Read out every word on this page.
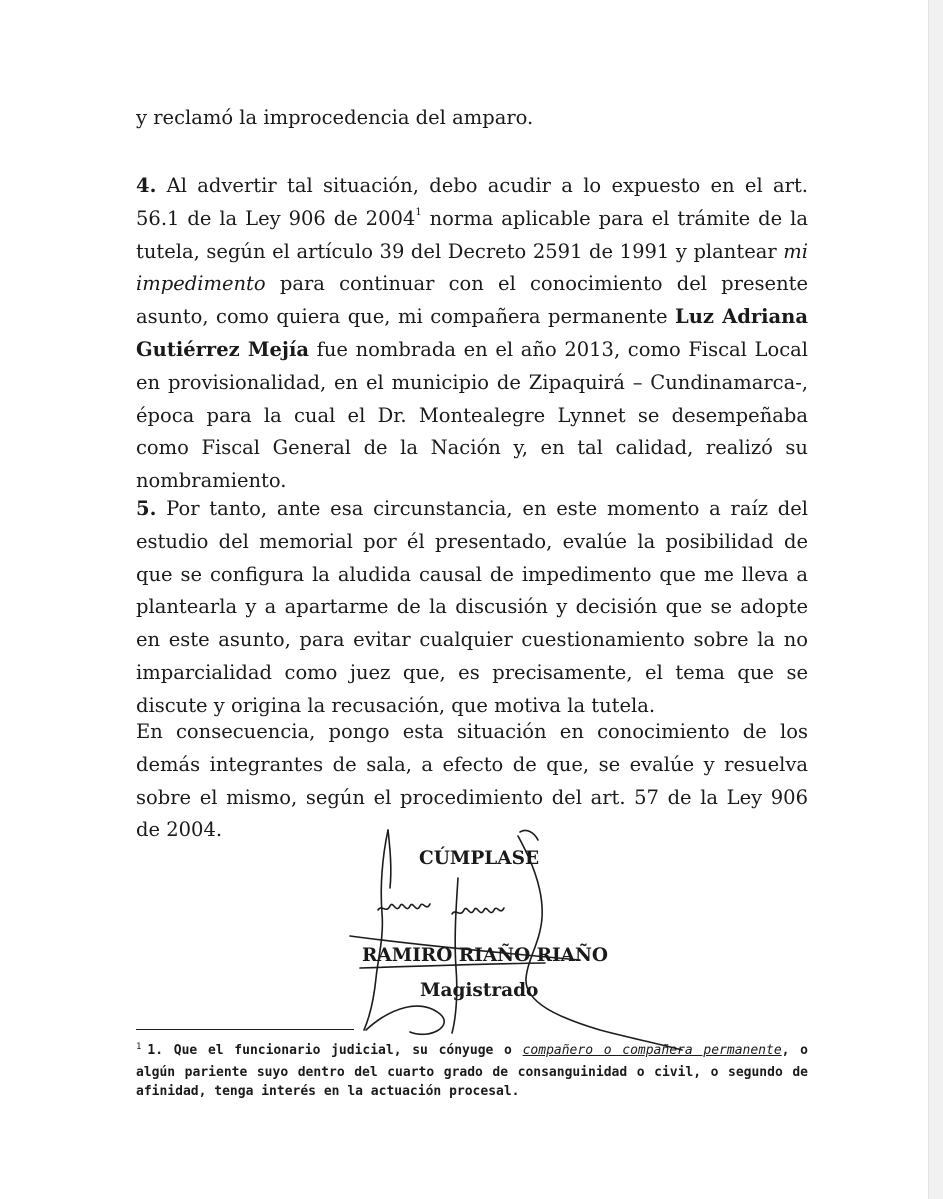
y reclamó la improcedencia del amparo.

4. Al advertir tal situación, debo acudir a lo expuesto en el art. 56.1 de la Ley 906 de 2004$^1$ norma aplicable para el trámite de la tutela, según el artículo 39 del Decreto 2591 de 1991 y plantear mi impedimento para continuar con el conocimiento del presente asunto, como quiera que, mi compañera permanente Luz Adriana Gutiérrez Mejía fue nombrada en el año 2013, como Fiscal Local en provisionalidad, en el municipio de Zipaquirá – Cundinamarca-, época para la cual el Dr. Montealegre Lynnet se desempeñaba como Fiscal General de la Nación y, en tal calidad, realizó su nombramiento.

5. Por tanto, ante esa circunstancia, en este momento a raíz del estudio del memorial por él presentado, evalúe la posibilidad de que se configura la aludida causal de impedimento que me lleva a plantearla y a apartarme de la discusión y decisión que se adopte en este asunto, para evitar cualquier cuestionamiento sobre la no imparcialidad como juez que, es precisamente, el tema que se discute y origina la recusación, que motiva la tutela.

En consecuencia, pongo esta situación en conocimiento de los demás integrantes de sala, a efecto de que, se evalúe y resuelva sobre el mismo, según el procedimiento del art. 57 de la Ley 906 de 2004.

CÚMPLASE
RAMIRO RIAÑO RIAÑO
Magistrado

$^1$ 1. Que el funcionario judicial, su cónyuge o compañero o compañera permanente, o algún pariente suyo dentro del cuarto grado de consanguinidad o civil, o segundo de afinidad, tenga interés en la actuación procesal.
